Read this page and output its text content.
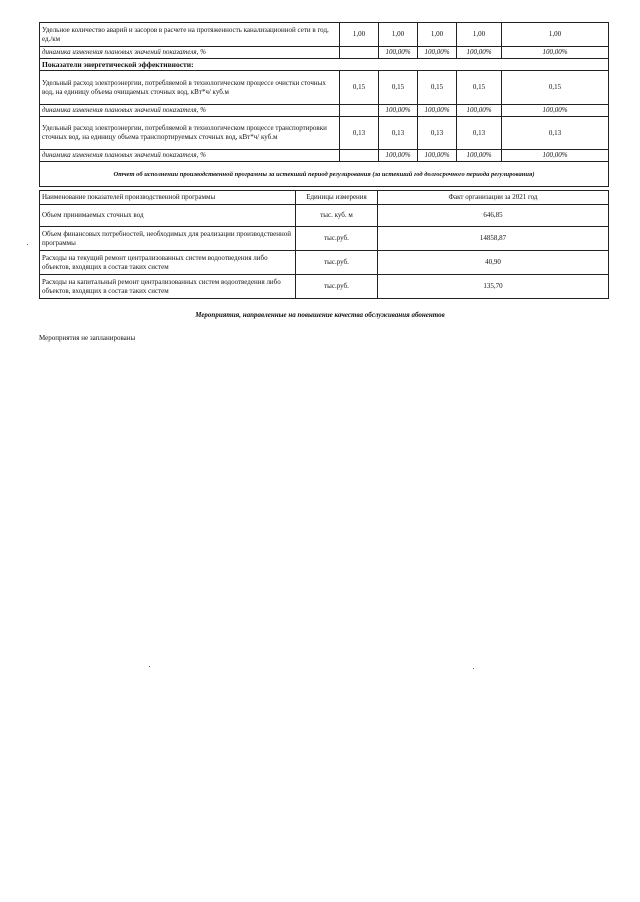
Удельное количество аварий и засоров в расчете на протяженность канализационной сети в год, ед./км	1,00	1,00	1,00	1,00	1,00
динамика изменения плановых значений показателя, %		100,00%	100,00%	100,00%	100,00%
Показатели энергетической эффективности:					
Удельный расход электроэнергии, потребляемой в технологическом процессе очистки сточных вод, на единицу объема очищаемых сточных вод, кВт*ч/ куб.м	0,15	0,15	0,15	0,15	0,15
динамика изменения плановых значений показателя, %		100,00%	100,00%	100,00%	100,00%
Удельный расход электроэнергии, потребляемой в технологическом процессе транспортировки сточных вод, на единицу объема транспортируемых сточных вод, кВт*ч/ куб.м	0,13	0,13	0,13	0,13	0,13
динамика изменения плановых значений показателя, %		100,00%	100,00%	100,00%	100,00%
Отчет об исполнении производственной программы за истекший период регулирования (за истекший год долгосрочного периода регулирования)					
Наименование показателей производственной программы	Единицы измерения	Факт организации за 2021 год
Объем принимаемых сточных вод	тыс. куб. м	646,85
Объем финансовых потребностей, необходимых для реализации производственной программы	тыс.руб.	14858,87
Расходы на текущий ремонт централизованных систем водоотведения либо объектов, входящих в состав таких систем	тыс.руб.	40,90
Расходы на капитальный ремонт централизованных систем водоотведения либо объектов, входящих в состав таких систем	тыс.руб.	135,70
Мероприятия, направленные на повышение качества обслуживания абонентов
Мероприятия не запланированы
